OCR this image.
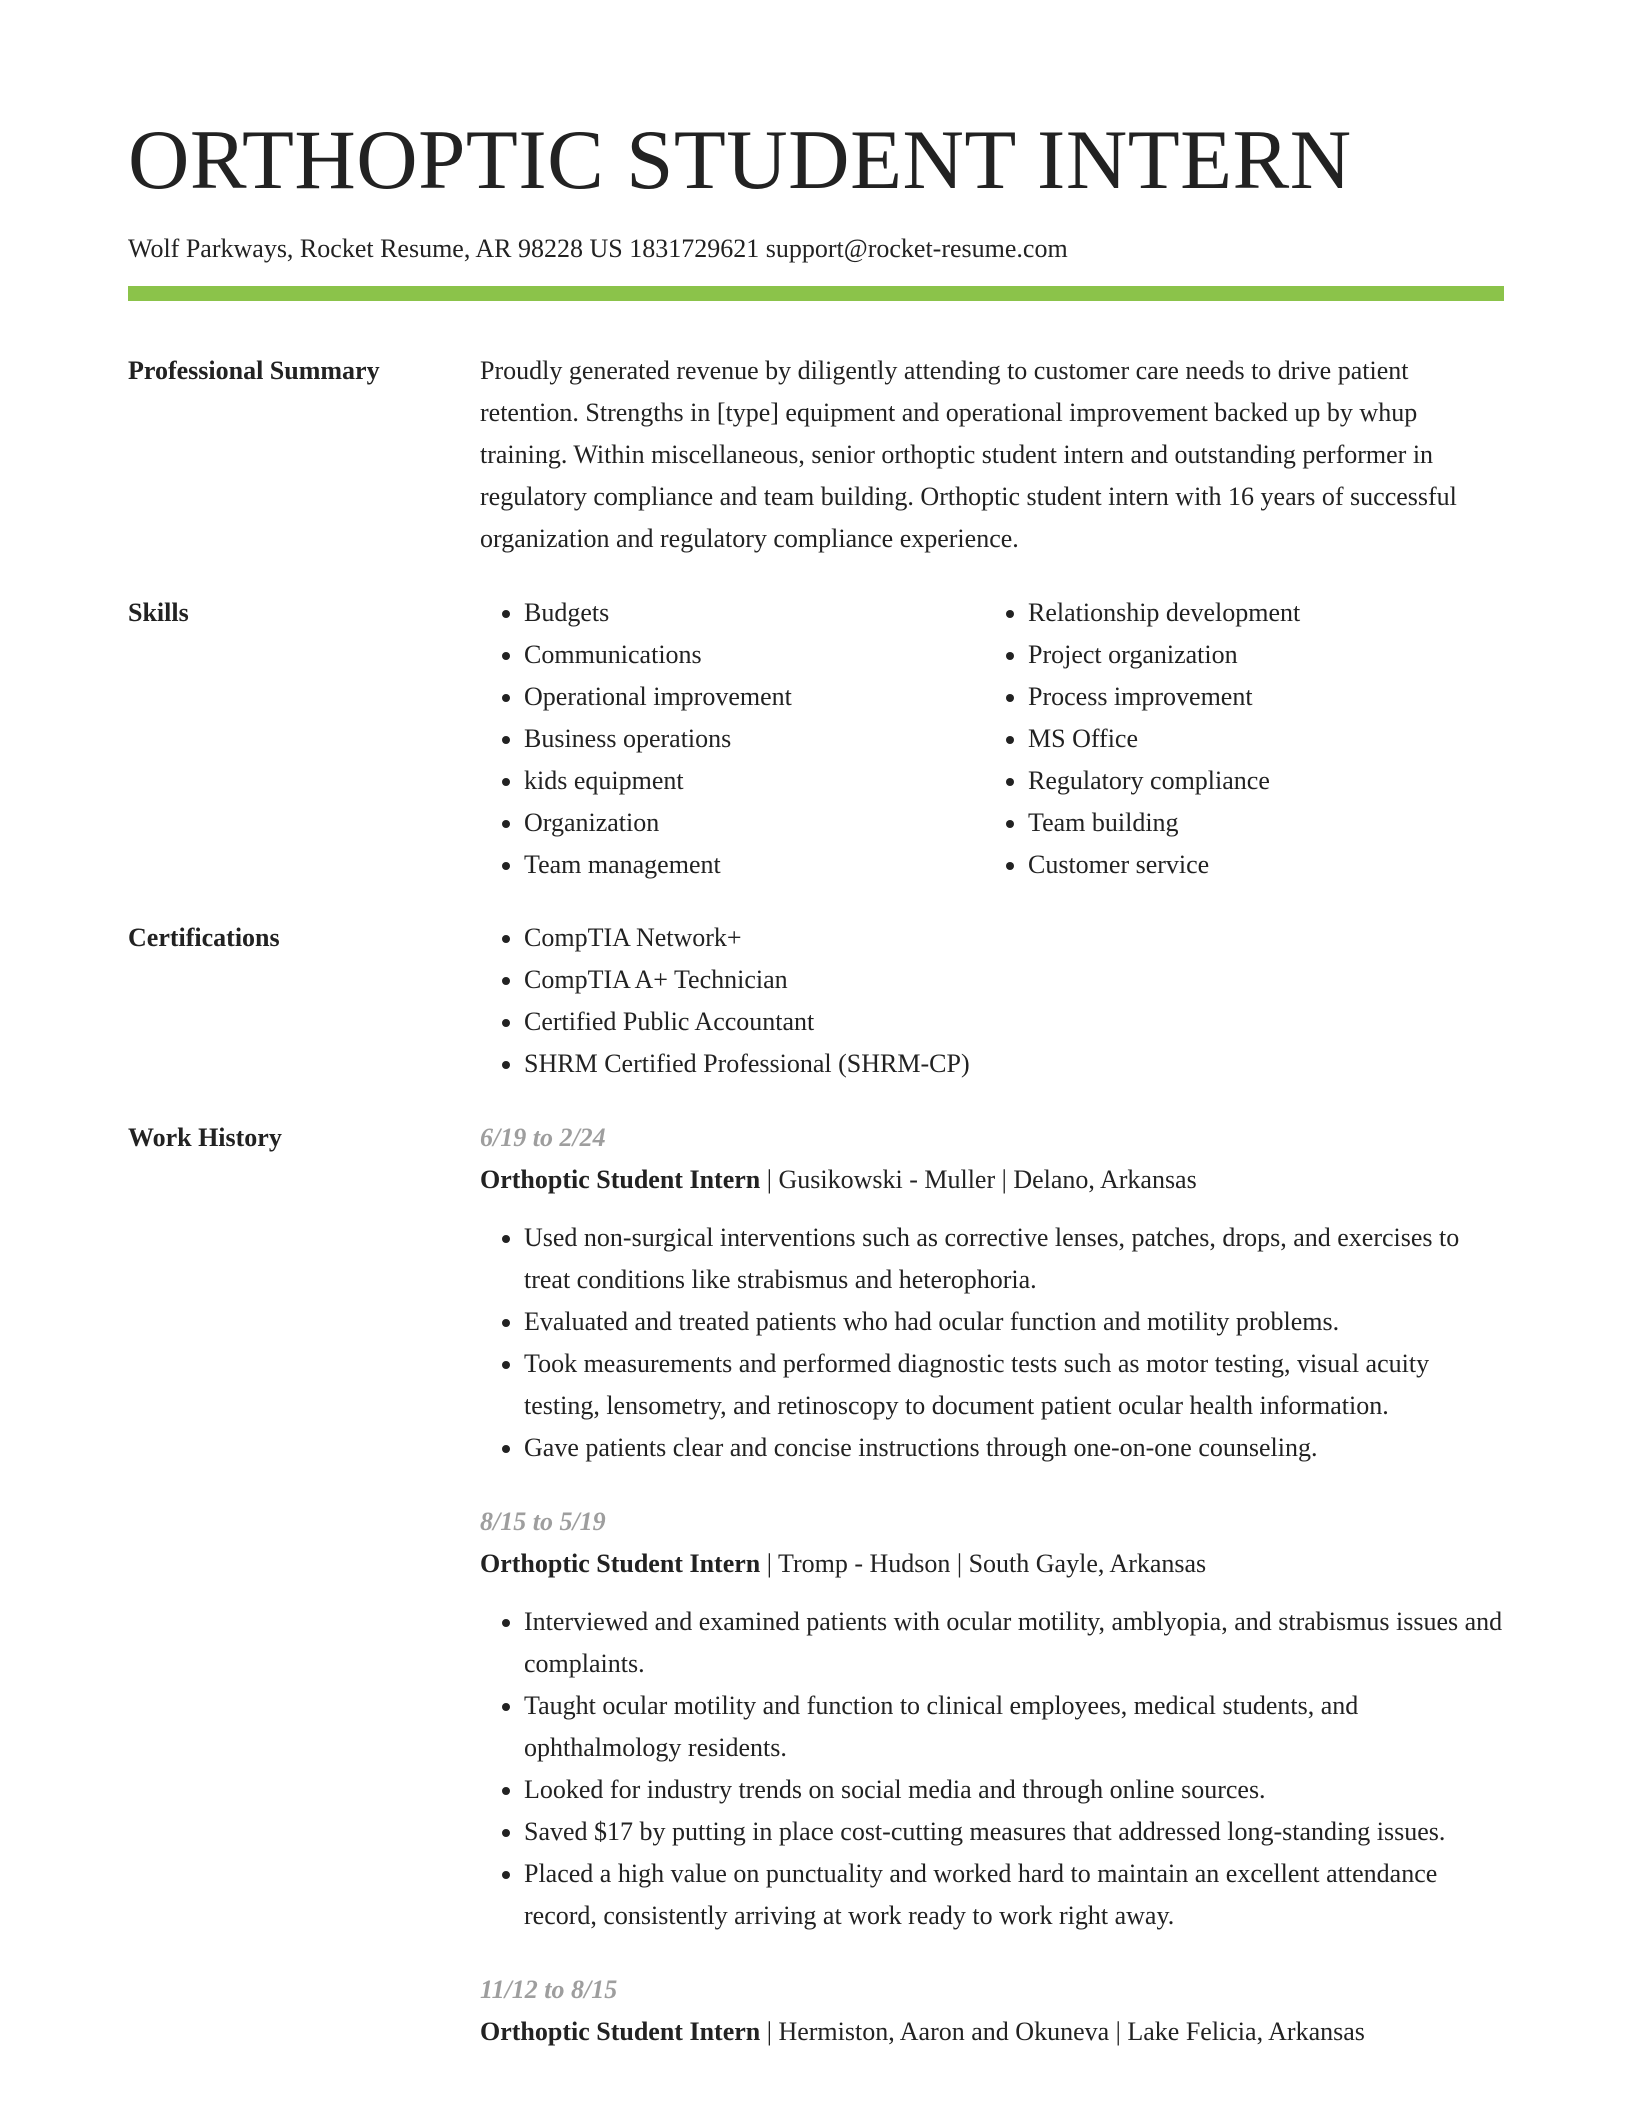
ORTHOPTIC STUDENT INTERN
Wolf Parkways, Rocket Resume, AR 98228 US 1831729621 support@rocket-resume.com
Professional Summary	Proudly generated revenue by diligently attending to customer care needs to drive patient retention. Strengths in [type] equipment and operational improvement backed up by whup training. Within miscellaneous, senior orthoptic student intern and outstanding performer in regulatory compliance and team building. Orthoptic student intern with 16 years of successful organization and regulatory compliance experience.

Skills	• Budgets
• Communications
• Operational improvement
• Business operations
• kids equipment
• Organization
• Team management
• Relationship development
• Project organization
• Process improvement
• MS Office
• Regulatory compliance
• Team building
• Customer service
Certifications	• CompTIA Network+
• CompTIA A+ Technician
• Certified Public Accountant
• SHRM Certified Professional (SHRM-CP)
Work History	6/19 to 2/24
Orthoptic Student Intern | Gusikowski - Muller | Delano, Arkansas
• Used non-surgical interventions such as corrective lenses, patches, drops, and exercises to treat conditions like strabismus and heterophoria.
• Evaluated and treated patients who had ocular function and motility problems.
• Took measurements and performed diagnostic tests such as motor testing, visual acuity testing, lensometry, and retinoscopy to document patient ocular health information.
• Gave patients clear and concise instructions through one-on-one counseling.
8/15 to 5/19
Orthoptic Student Intern | Tromp - Hudson | South Gayle, Arkansas
• Interviewed and examined patients with ocular motility, amblyopia, and strabismus issues and complaints.
• Taught ocular motility and function to clinical employees, medical students, and ophthalmology residents.
• Looked for industry trends on social media and through online sources.
• Saved $17 by putting in place cost-cutting measures that addressed long-standing issues.
• Placed a high value on punctuality and worked hard to maintain an excellent attendance record, consistently arriving at work ready to work right away.
11/12 to 8/15
Orthoptic Student Intern | Hermiston, Aaron and Okuneva | Lake Felicia, Arkansas
